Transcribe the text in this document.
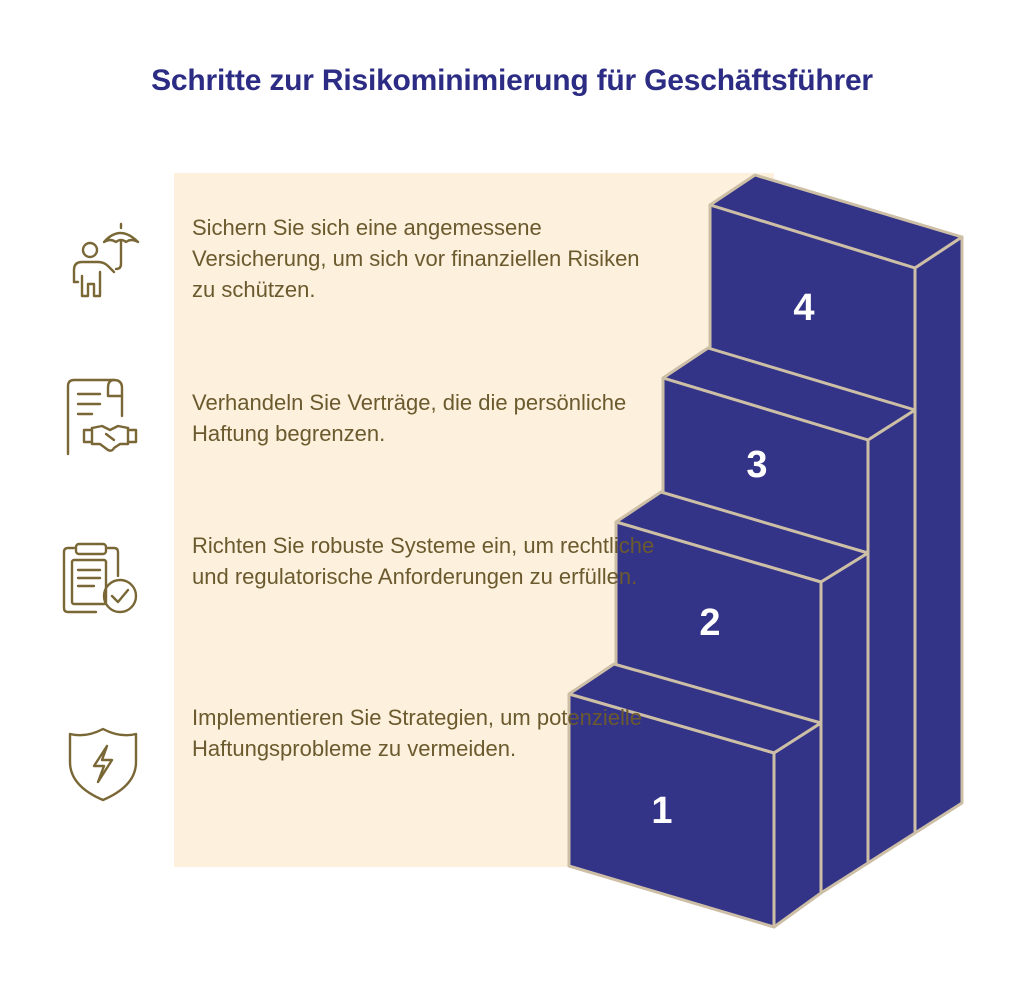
Schritte zur Risikominimierung für Geschäftsführer
4
3
2
1
Sichern Sie sich eine angemessene Versicherung, um sich vor finanziellen Risiken zu schützen.
Verhandeln Sie Verträge, die die persönliche Haftung begrenzen.
Richten Sie robuste Systeme ein, um rechtliche und regulatorische Anforderungen zu erfüllen.
Implementieren Sie Strategien, um potenzielle Haftungsprobleme zu vermeiden.
